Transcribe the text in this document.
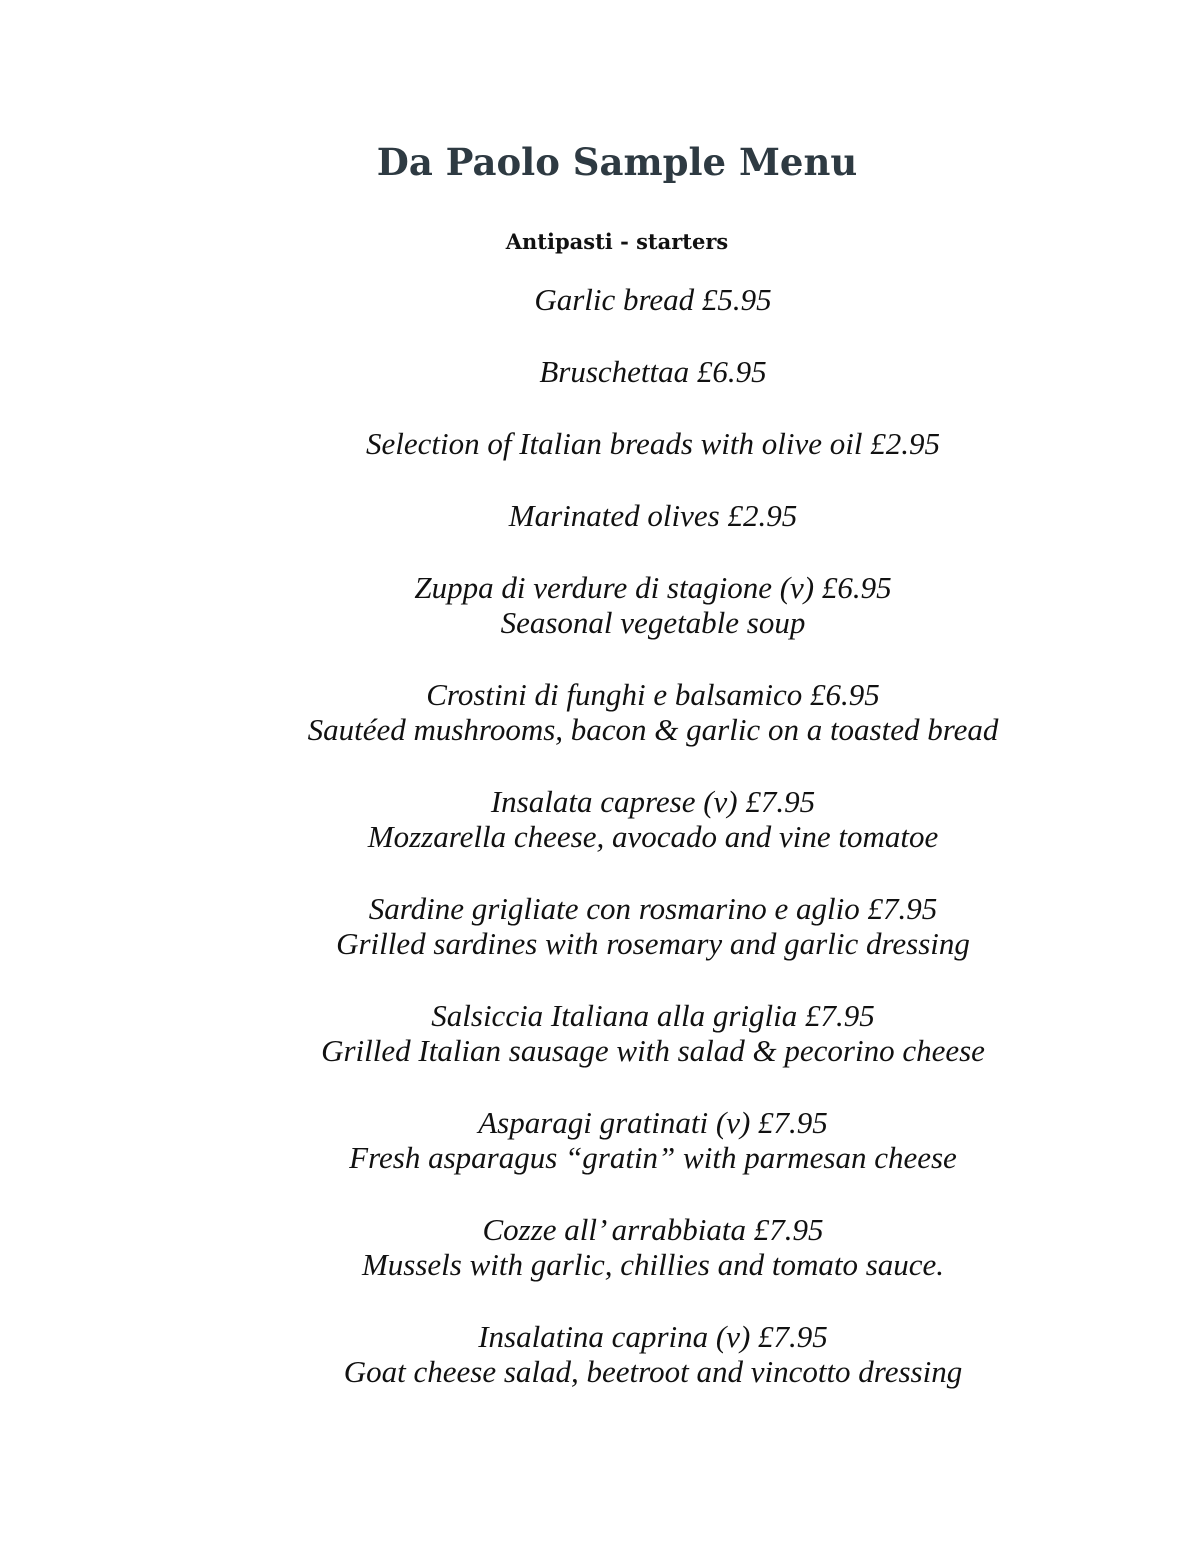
Da Paolo Sample Menu
Antipasti - starters

Garlic bread £5.95

Bruschettaa £6.95

Selection of Italian breads with olive oil £2.95

Marinated olives £2.95

Zuppa di verdure di stagione (v) £6.95
Seasonal vegetable soup

Crostini di funghi e balsamico £6.95
Sautéed mushrooms, bacon & garlic on a toasted bread

Insalata caprese (v) £7.95
Mozzarella cheese, avocado and vine tomatoe

Sardine grigliate con rosmarino e aglio £7.95
Grilled sardines with rosemary and garlic dressing

Salsiccia Italiana alla griglia £7.95
Grilled Italian sausage with salad & pecorino cheese

Asparagi gratinati (v) £7.95
Fresh asparagus “gratin” with parmesan cheese

Cozze all’ arrabbiata £7.95
Mussels with garlic, chillies and tomato sauce.

Insalatina caprina (v) £7.95
Goat cheese salad, beetroot and vincotto dressing
